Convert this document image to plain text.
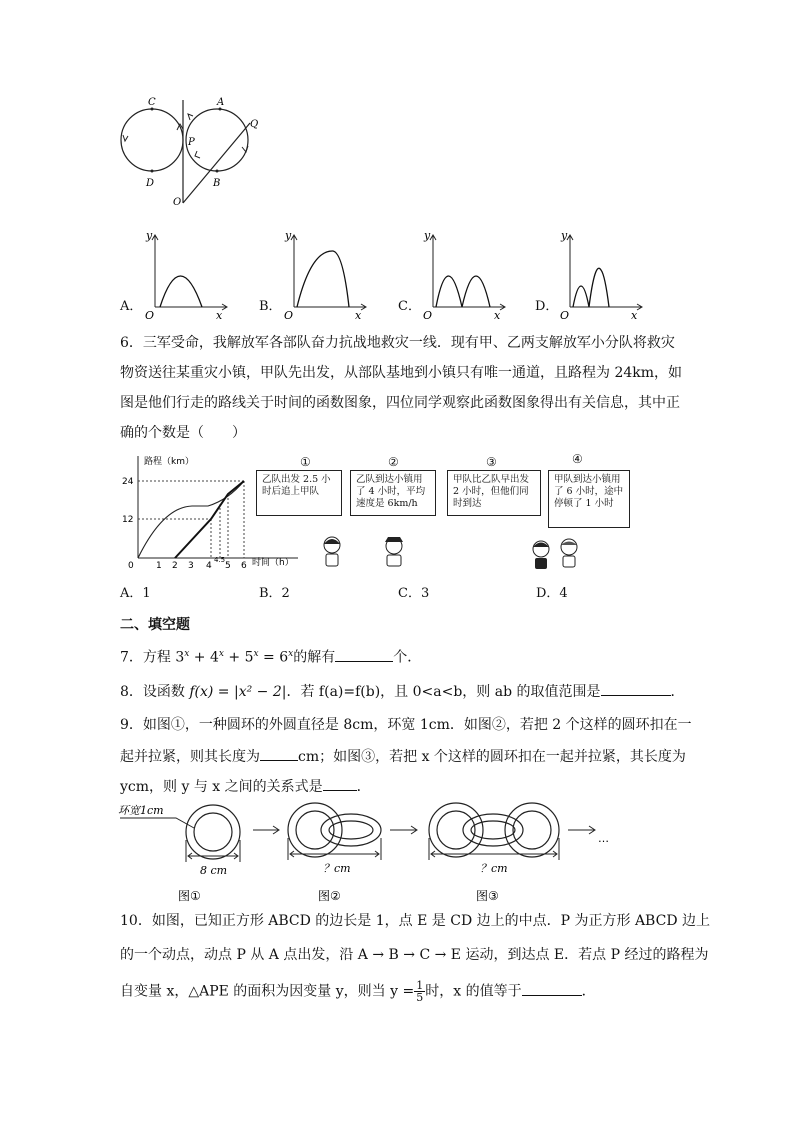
C	A
P
Q
D	B
O
A．
y
x
O
B．
y
x
O
C．
y
x
O
D．
y
x
O
6．三军受命，我解放军各部队奋力抗战地救灾一线．现有甲、乙两支解放军小分队将救灾
物资送往某重灾小镇，甲队先出发，从部队基地到小镇只有唯一通道，且路程为 24km，如
图是他们行走的路线关于时间的函数图象，四位同学观察此函数图象得出有关信息，其中正
确的个数是（　　）
24
12
0 1 2 3 4
4.5
5 6
路程（km）
时间（h）
①
乙队出发 2.5 小时后追上甲队
②
乙队到达小镇用了 4 小时，平均速度是 6km/h
③
甲队比乙队早出发 2 小时，但他们同时到达
④
甲队到达小镇用了 6 小时，途中停顿了 1 小时
A．1	B．2	C．3	D．4
二、填空题
7．方程 $3^x + 4^x + 5^x = 6^x$的解有	个．
8．设函数 f(x) = |x² − 2|．若 f(a)=f(b)，且 0<a<b，则 ab 的取值范围是	．
9．如图①，一种圆环的外圆直径是 8cm，环宽 1cm．如图②，若把 2 个这样的圆环扣在一
起并拉紧，则其长度为	cm；如图③，若把 x 个这样的圆环扣在一起并拉紧，其长度为
ycm，则 y 与 x 之间的关系式是 ．
环宽1cm
8 cm
图①
？cm
图②
？cm
图③
…
10．如图，已知正方形 ABCD 的边长是 1，点 E 是 CD 边上的中点．P 为正方形 ABCD 边上
的一个动点，动点 P 从 A 点出发，沿 A → B → C → E 运动，到达点 E．若点 P 经过的路程为
自变量 x，△APE 的面积为因变量 y，则当 $y = \frac{1}{5}$ 时，x 的值等于	．
